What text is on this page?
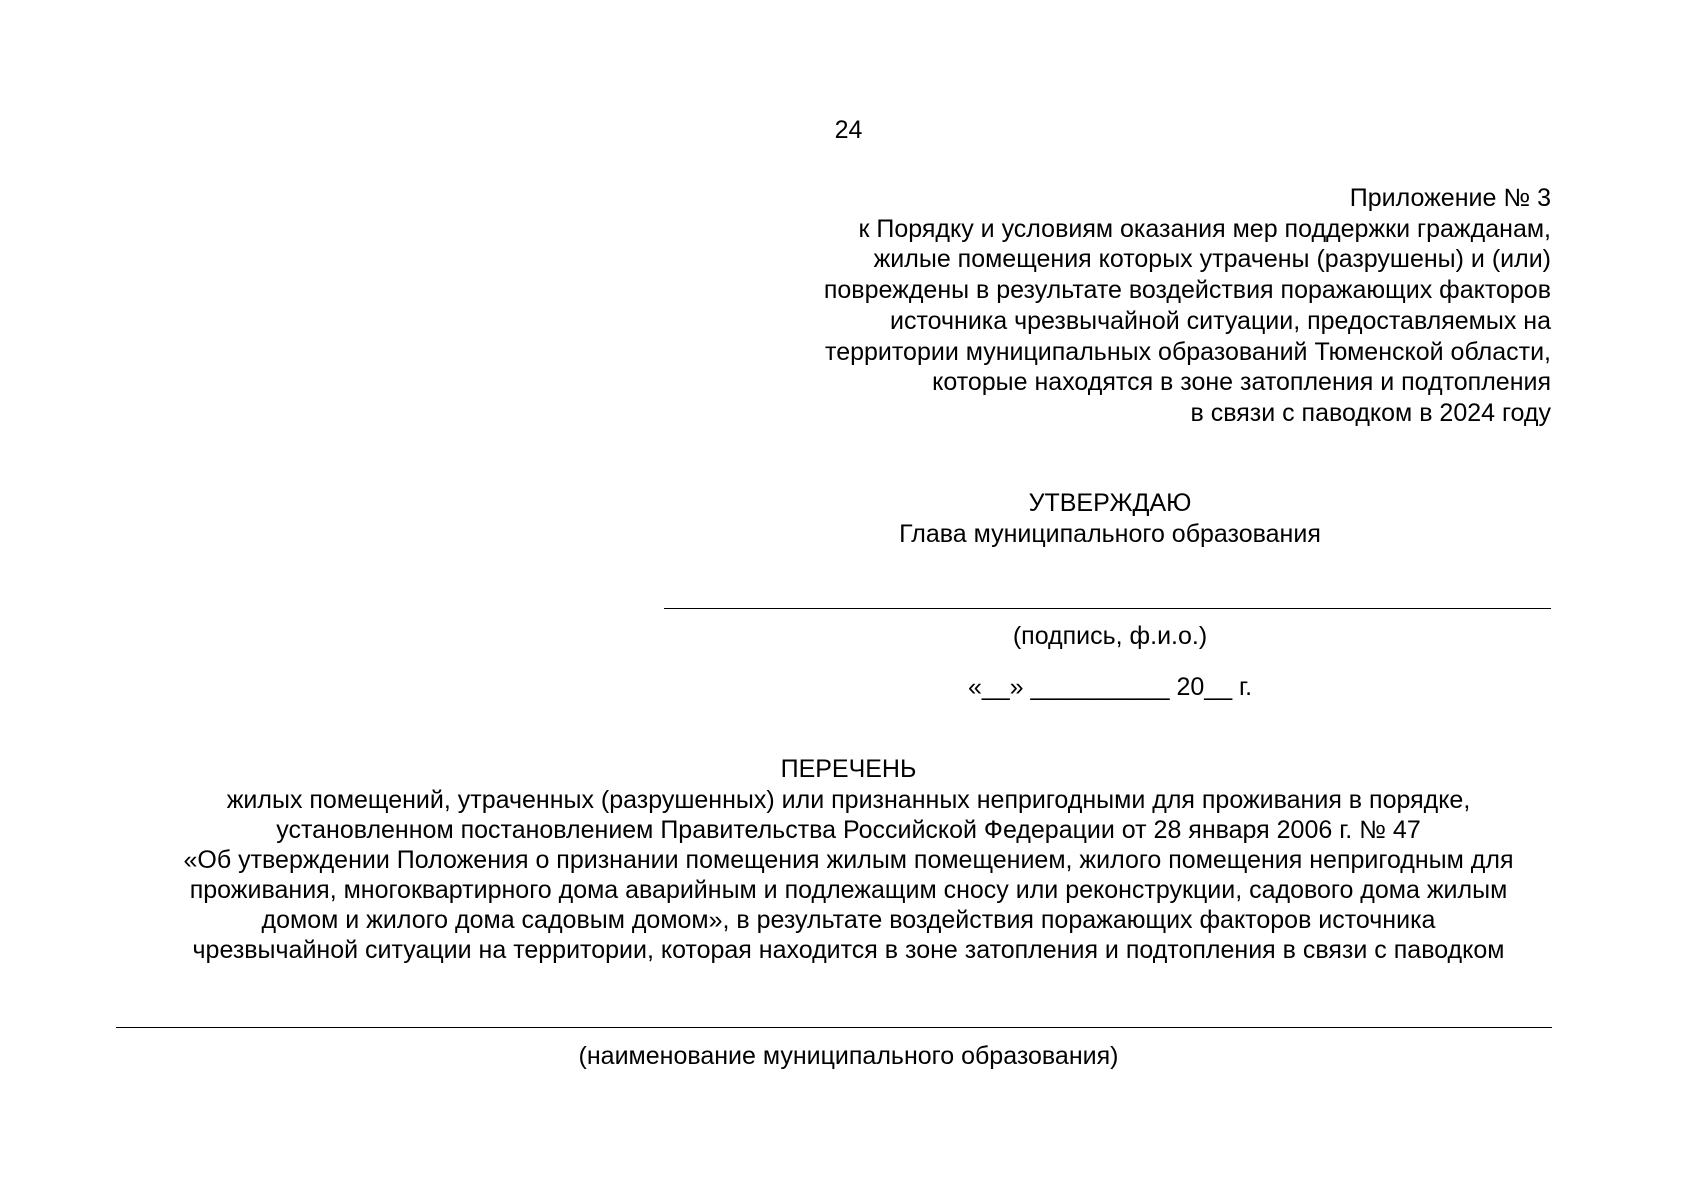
24
Приложение № 3
к Порядку и условиям оказания мер поддержки гражданам,
жилые помещения которых утрачены (разрушены) и (или)
повреждены в результате воздействия поражающих факторов
источника чрезвычайной ситуации, предоставляемых на
территории муниципальных образований Тюменской области,
которые находятся в зоне затопления и подтопления
в связи с паводком в 2024 году
УТВЕРЖДАЮ
Глава муниципального образования
(подпись, ф.и.о.)
«__» __________ 20__ г.
ПЕРЕЧЕНЬ
жилых помещений, утраченных (разрушенных) или признанных непригодными для проживания в порядке,
установленном постановлением Правительства Российской Федерации от 28 января 2006 г. № 47
«Об утверждении Положения о признании помещения жилым помещением, жилого помещения непригодным для
проживания, многоквартирного дома аварийным и подлежащим сносу или реконструкции, садового дома жилым
домом и жилого дома садовым домом», в результате воздействия поражающих факторов источника
чрезвычайной ситуации на территории, которая находится в зоне затопления и подтопления в связи с паводком
(наименование муниципального образования)
